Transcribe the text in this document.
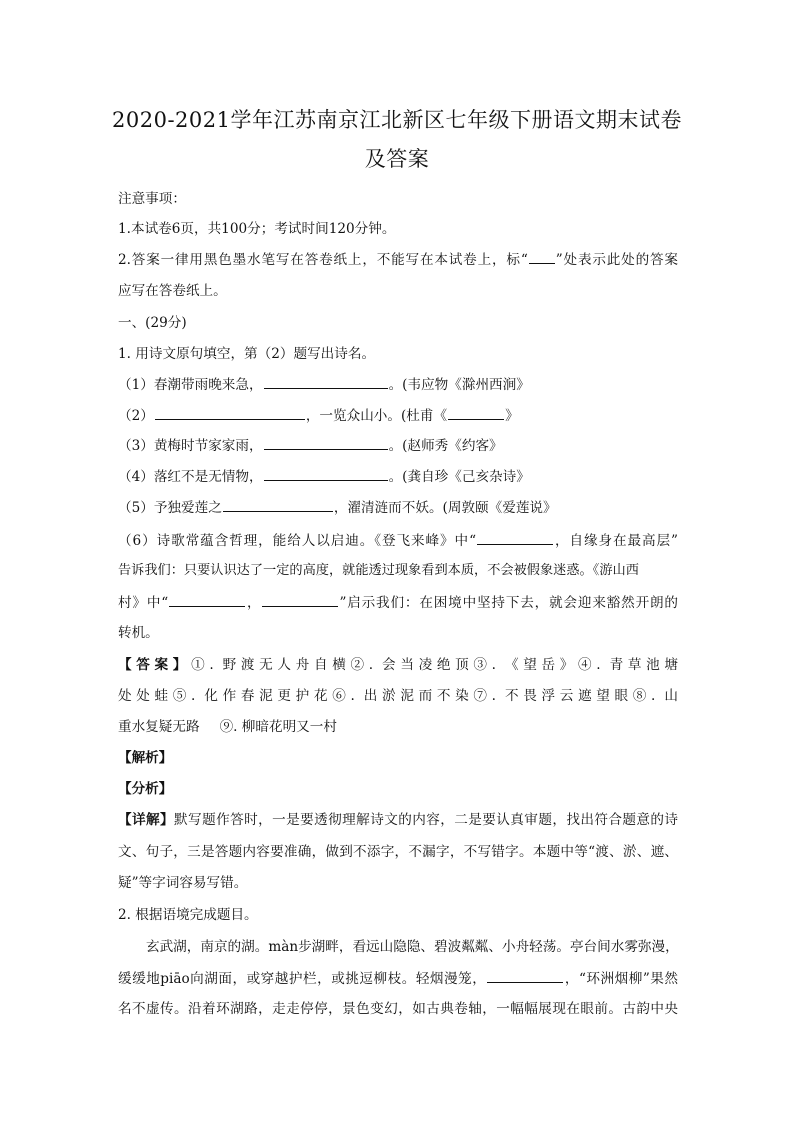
2020-2021学年江苏南京江北新区七年级下册语文期末试卷
及答案
注意事项：
1.本试卷6页，共100分；考试时间120分钟。
2.答案一律用黑色墨水笔写在答卷纸上，不能写在本试卷上，标“ ”处表示此处的答案
应写在答卷纸上。
一、(29分)
1. 用诗文原句填空，第（2）题写出诗名。
（1）春潮带雨晚来急，	。(韦应物《滁州西涧》
（2）	，一览众山小。(杜甫《	》
（3）黄梅时节家家雨，	。(赵师秀《约客》
（4）落红不是无情物，	。(龚自珍《己亥杂诗》
（5）予独爱莲之	，濯清涟而不妖。(周敦颐《爱莲说》
（6）诗歌常蕴含哲理，能给人以启迪。《登飞来峰》中“	，自缘身在最高层”
告诉我们：只要认识达了一定的高度，就能透过现象看到本质，不会被假象迷惑。《游山西
村》中“	，	”启示我们：在困境中坚持下去，就会迎来豁然开朗的
转机。
【答案】①. 野渡无人舟自横②. 会当凌绝顶③. 《望岳》④. 青草池塘
处处蛙⑤. 化作春泥更护花⑥. 出淤泥而不染⑦. 不畏浮云遮望眼⑧. 山
重水复疑无路 ⑨. 柳暗花明又一村
【解析】
【分析】
【详解】默写题作答时，一是要透彻理解诗文的内容，二是要认真审题，找出符合题意的诗
文、句子，三是答题内容要准确，做到不添字，不漏字，不写错字。本题中等“渡、淤、遮、
疑”等字词容易写错。
2. 根据语境完成题目。
玄武湖，南京的湖。màn步湖畔，看远山隐隐、碧波粼粼、小舟轻荡。亭台间水雾弥漫，
缓缓地piāo向湖面，或穿越护栏，或挑逗柳枝。轻烟漫笼，	，“环洲烟柳”果然
名不虚传。沿着环湖路，走走停停，景色变幻，如古典卷轴，一幅幅展现在眼前。古韵中央
